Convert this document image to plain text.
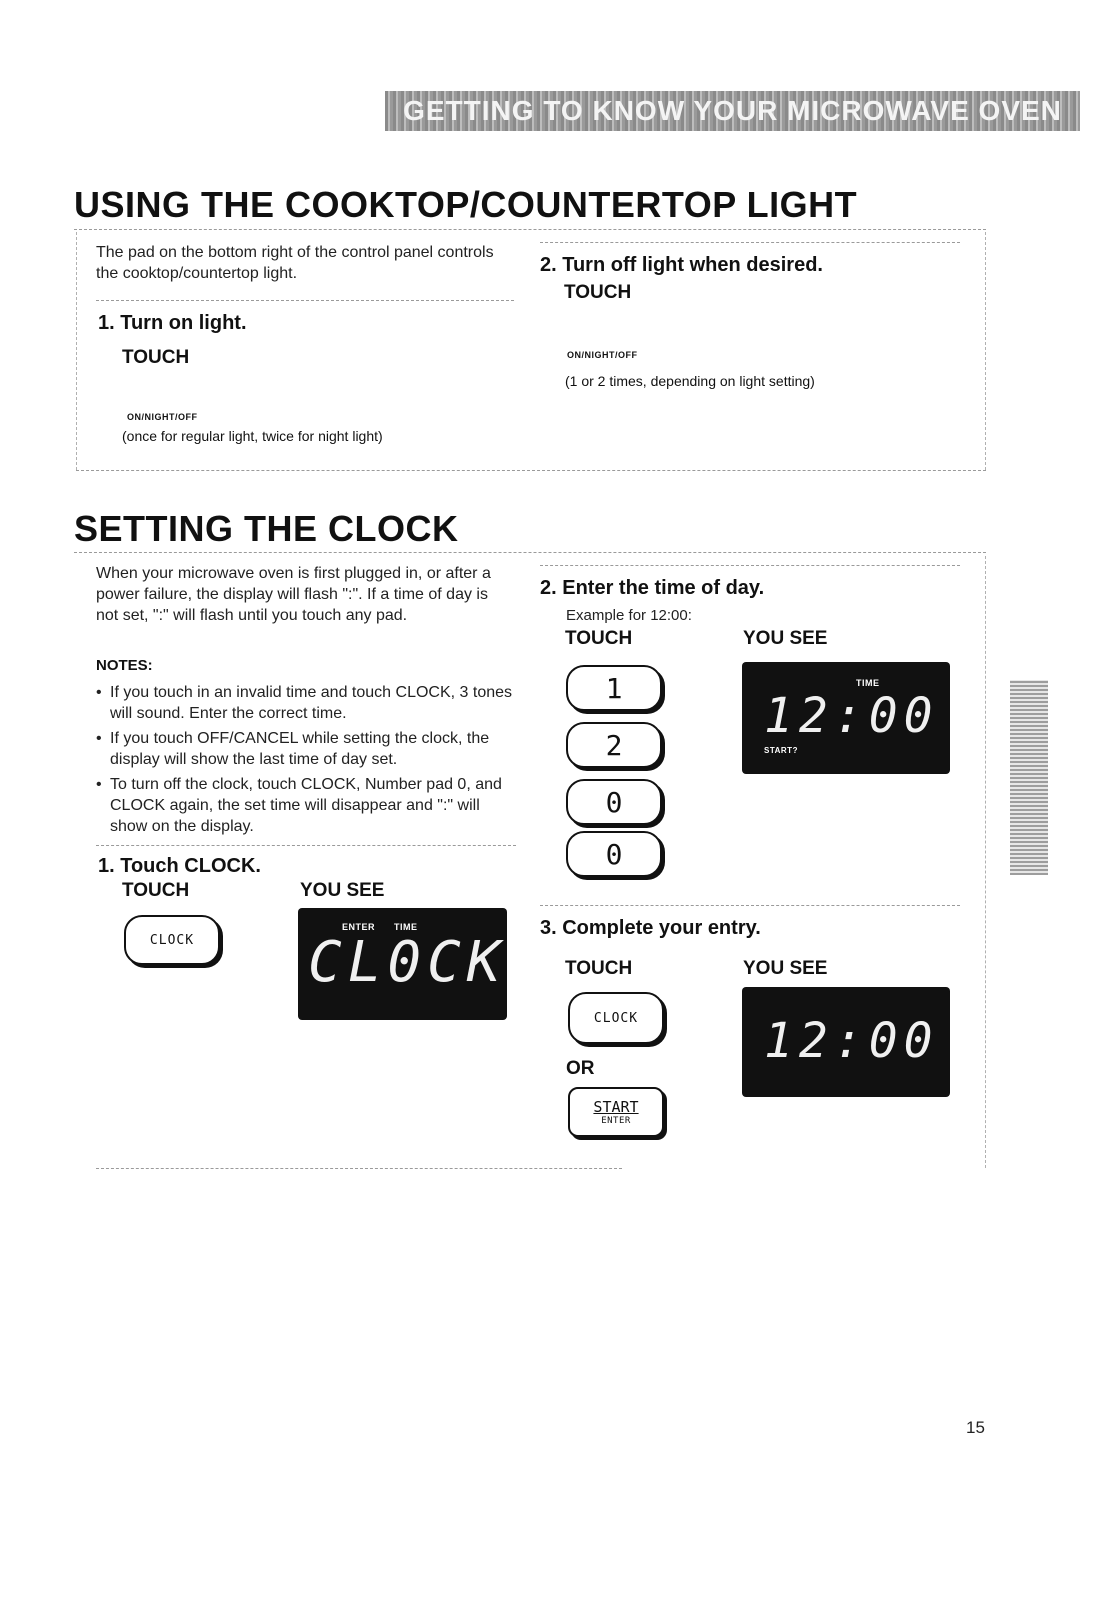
GETTING TO KNOW YOUR MICROWAVE OVEN
USING THE COOKTOP/COUNTERTOP LIGHT
The pad on the bottom right of the control panel controls the cooktop/countertop light.
1. Turn on light.
TOUCH
ON/NIGHT/OFF
(once for regular light, twice for night light)
2. Turn off light when desired.
TOUCH
ON/NIGHT/OFF
(1 or 2 times, depending on light setting)
SETTING THE CLOCK
When your microwave oven is first plugged in, or after a power failure, the display will flash ":". If a time of day is not set, ":" will flash until you touch any pad.
NOTES:
• If you touch in an invalid time and touch CLOCK, 3 tones will sound. Enter the correct time.
• If you touch OFF/CANCEL while setting the clock, the display will show the last time of day set.
• To turn off the clock, touch CLOCK, Number pad 0, and CLOCK again, the set time will disappear and ":" will show on the display.
1. Touch CLOCK.
TOUCH	YOU SEE
CLOCK
ENTER TIME
CL0CK
2. Enter the time of day.
Example for 12:00:
TOUCH	YOU SEE
1
2
0
0
TIME
12:00
START?
3. Complete your entry.
TOUCH	YOU SEE
CLOCK
OR
START
ENTER
12:00
15
